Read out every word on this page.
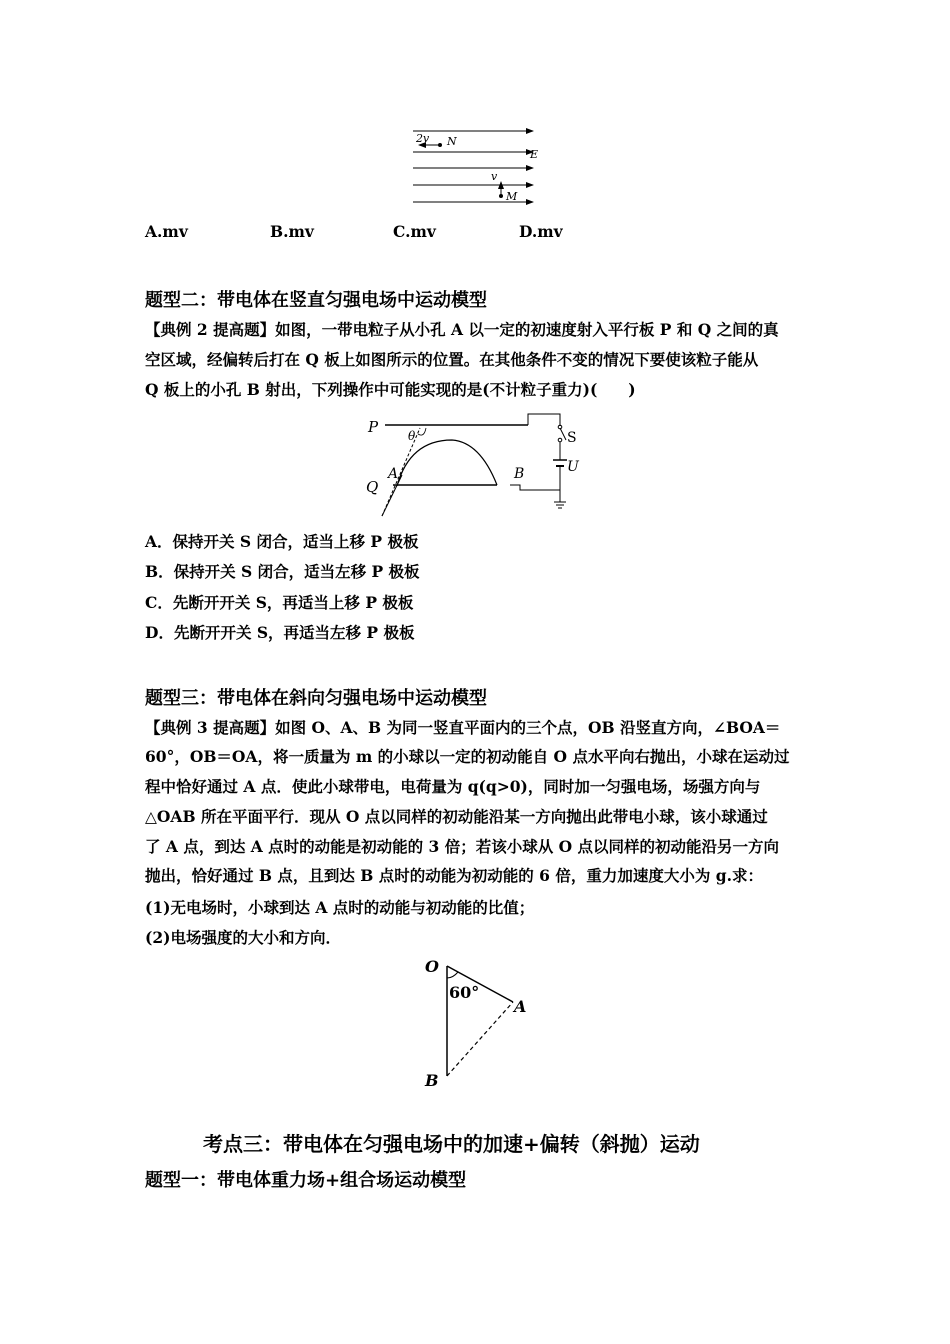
2v N
E
v
M
A.mv	B.mv	C.mv	D.mv
题型二：带电体在竖直匀强电场中运动模型
【典例 2 提高题】如图，一带电粒子从小孔 A 以一定的初速度射入平行板 P 和 Q 之间的真
空区域，经偏转后打在 Q 板上如图所示的位置。在其他条件不变的情况下要使该粒子能从
Q 板上的小孔 B 射出，下列操作中可能实现的是(不计粒子重力)(　　)
P
Q
A	B
θ	S
U
A．保持开关 S 闭合，适当上移 P 极板
B．保持开关 S 闭合，适当左移 P 极板
C．先断开开关 S，再适当上移 P 极板
D．先断开开关 S，再适当左移 P 极板
题型三：带电体在斜向匀强电场中运动模型
【典例 3 提高题】如图 O、A、B 为同一竖直平面内的三个点，OB 沿竖直方向，∠BOA＝
60°，OB＝OA，将一质量为 m 的小球以一定的初动能自 O 点水平向右抛出，小球在运动过
程中恰好通过 A 点．使此小球带电，电荷量为 q(q>0)，同时加一匀强电场，场强方向与
△OAB 所在平面平行．现从 O 点以同样的初动能沿某一方向抛出此带电小球，该小球通过
了 A 点，到达 A 点时的动能是初动能的 3 倍；若该小球从 O 点以同样的初动能沿另一方向
抛出，恰好通过 B 点，且到达 B 点时的动能为初动能的 6 倍，重力加速度大小为 g.求：
(1)无电场时，小球到达 A 点时的动能与初动能的比值；
(2)电场强度的大小和方向．
O
60°
A
B
考点三：带电体在匀强电场中的加速+偏转（斜抛）运动
题型一：带电体重力场+组合场运动模型
